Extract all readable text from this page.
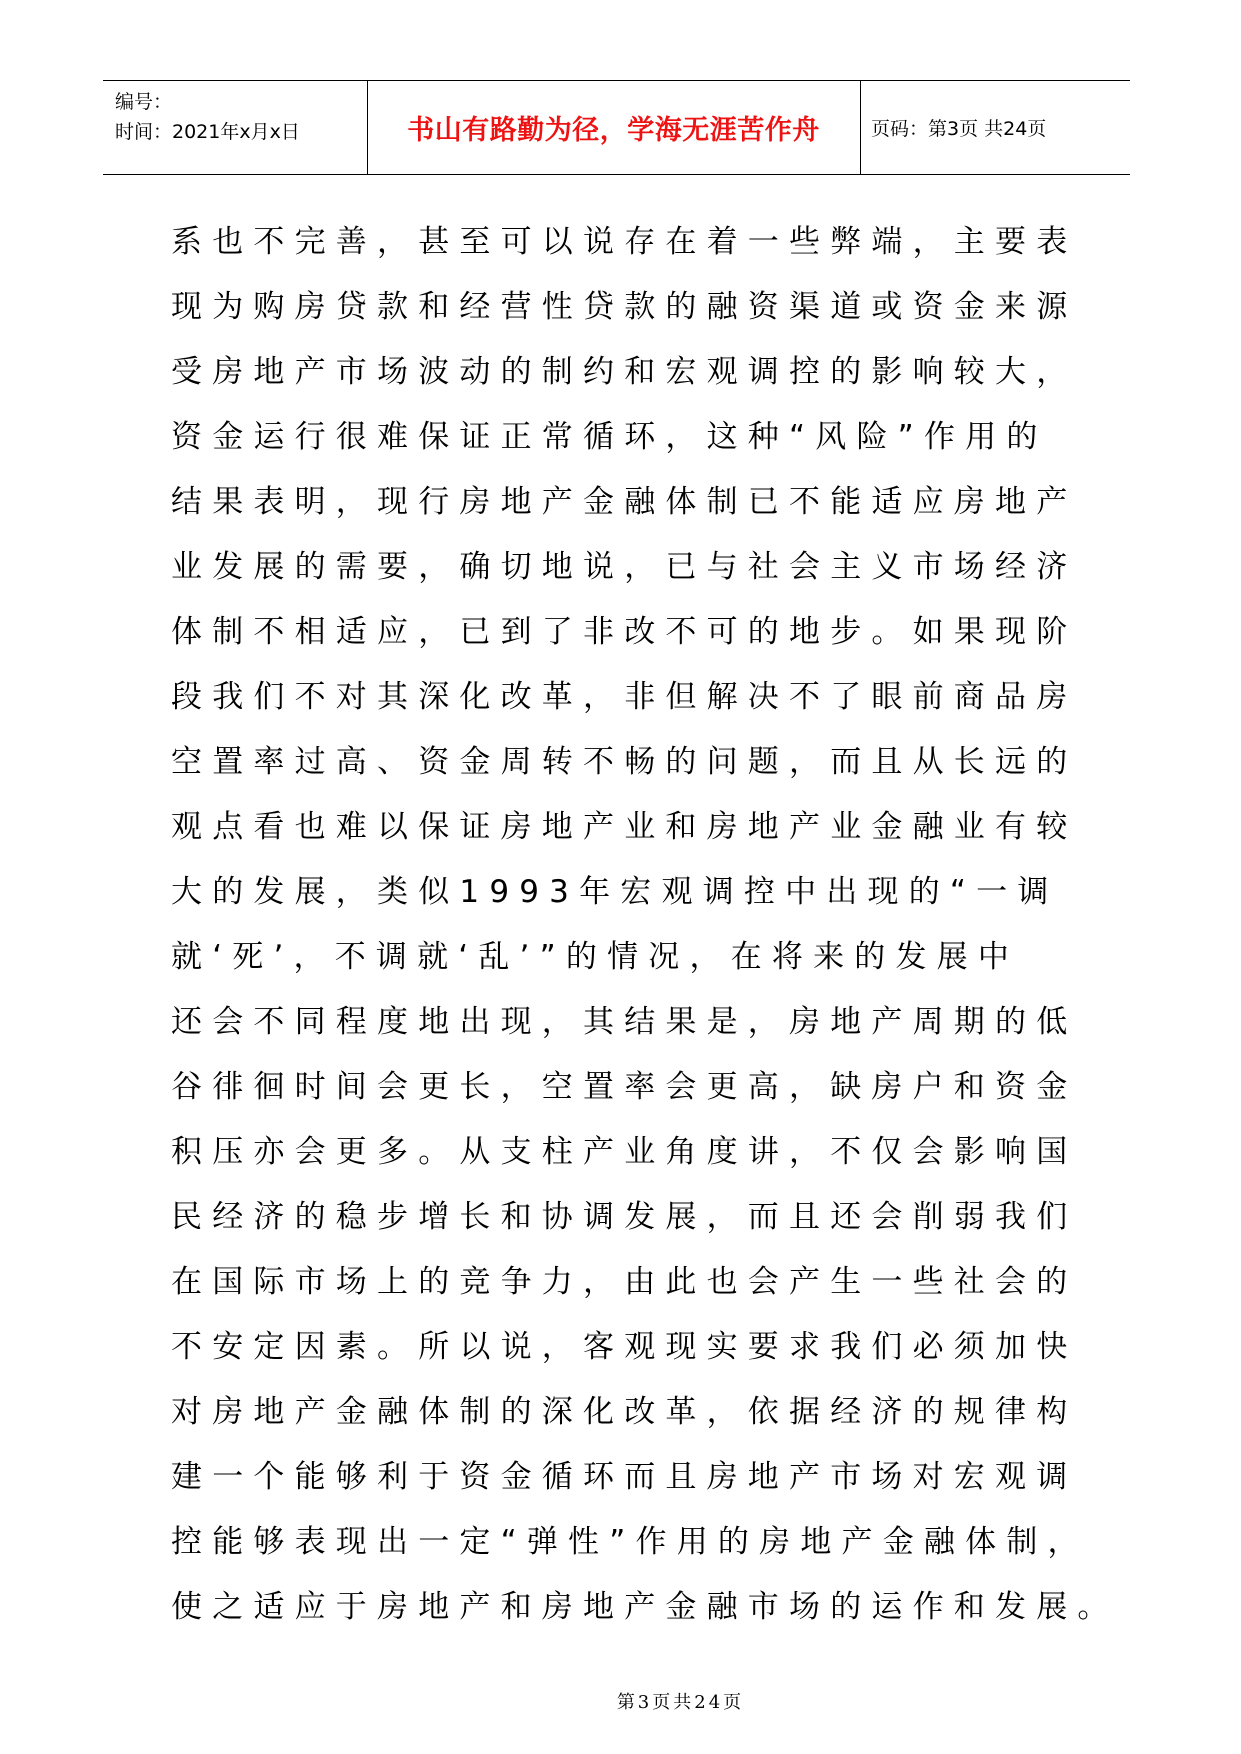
编号：
时间：2021年x月x日	书山有路勤为径，学海无涯苦作舟	页码：第3页 共24页
系也不完善，甚至可以说存在着一些弊端，主要表
现为购房贷款和经营性贷款的融资渠道或资金来源
受房地产市场波动的制约和宏观调控的影响较大，
资金运行很难保证正常循环，这种“风险”作用的
结果表明，现行房地产金融体制已不能适应房地产
业发展的需要，确切地说，已与社会主义市场经济
体制不相适应，已到了非改不可的地步。如果现阶
段我们不对其深化改革，非但解决不了眼前商品房
空置率过高、资金周转不畅的问题，而且从长远的
观点看也难以保证房地产业和房地产业金融业有较
大的发展，类似1993年宏观调控中出现的“一调
就‘死’，不调就‘乱’”的情况，在将来的发展中
还会不同程度地出现，其结果是，房地产周期的低
谷徘徊时间会更长，空置率会更高，缺房户和资金
积压亦会更多。从支柱产业角度讲，不仅会影响国
民经济的稳步增长和协调发展，而且还会削弱我们
在国际市场上的竞争力，由此也会产生一些社会的
不安定因素。所以说，客观现实要求我们必须加快
对房地产金融体制的深化改革，依据经济的规律构
建一个能够利于资金循环而且房地产市场对宏观调
控能够表现出一定“弹性”作用的房地产金融体制，
使之适应于房地产和房地产金融市场的运作和发展。
第3页共24页
